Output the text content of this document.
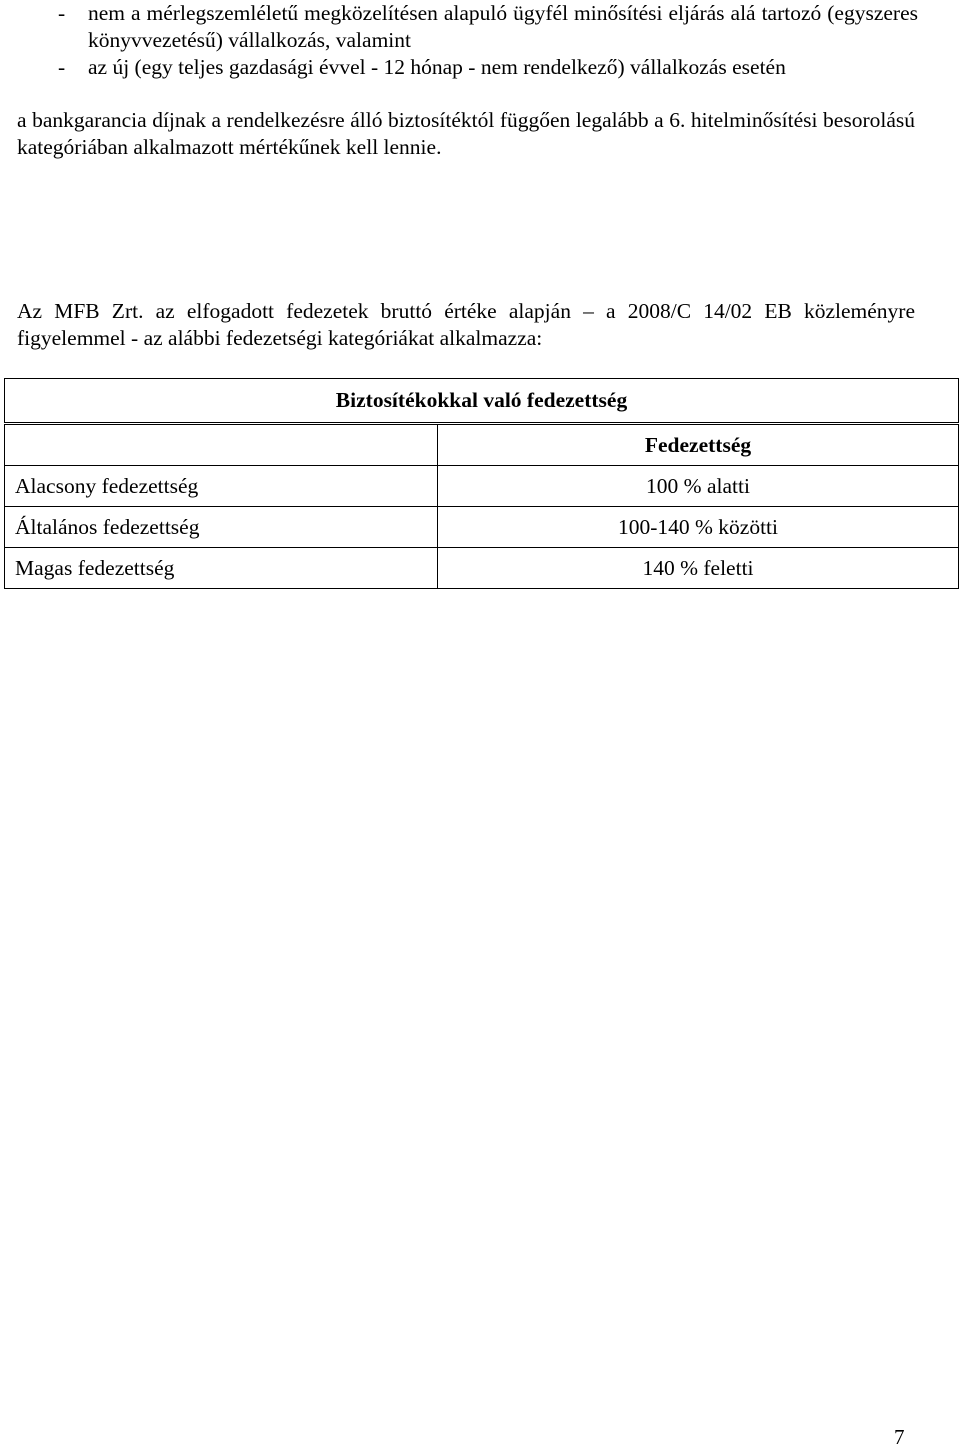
- nem a mérlegszemléletű megközelítésen alapuló ügyfél minősítési eljárás alá tartozó (egyszeres könyvvezetésű) vállalkozás, valamint
- az új (egy teljes gazdasági évvel - 12 hónap - nem rendelkező) vállalkozás esetén

a bankgarancia díjnak a rendelkezésre álló biztosítéktól függően legalább a 6. hitelminősítési besorolású kategóriában alkalmazott mértékűnek kell lennie.

Az MFB Zrt. az elfogadott fedezetek bruttó értéke alapján – a 2008/C 14/02 EB közleményre figyelemmel - az alábbi fedezetségi kategóriákat alkalmazza:

Biztosítékokkal való fedezettség	
	Fedezettség
Alacsony fedezettség	100 % alatti
Általános fedezettség	100-140 % közötti
Magas fedezettség	140 % feletti
7
